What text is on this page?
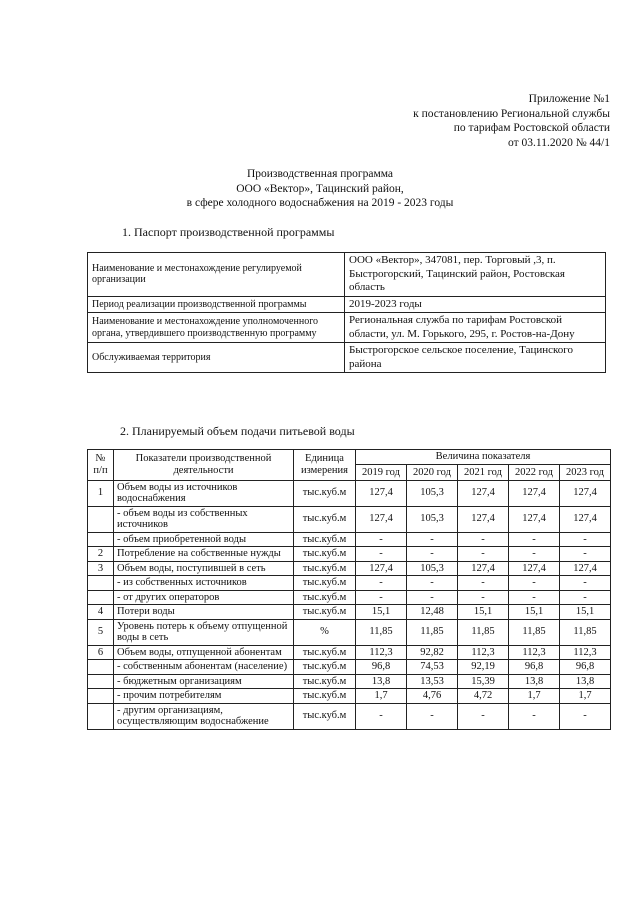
Приложение №1
к постановлению Региональной службы
по тарифам Ростовской области
от 03.11.2020 № 44/1
Производственная программа
ООО «Вектор», Тацинский район,
в сфере холодного водоснабжения на 2019 - 2023 годы
1. Паспорт производственной программы
Наименование и местонахождение регулируемой организации	ООО «Вектор», 347081, пер. Торговый ,3, п. Быстрогорский, Тацинский район, Ростовская область
Период реализации производственной программы	2019-2023 годы
Наименование и местонахождение уполномоченного органа, утвердившего производственную программу	Региональная служба по тарифам Ростовской области, ул. М. Горького, 295, г. Ростов-на-Дону
Обслуживаемая территория	Быстрогорское сельское поселение, Тацинского района
2. Планируемый объем подачи питьевой воды
№ п/п	Показатели производственной деятельности	Единица измерения	Величина показателя				
			2019 год	2020 год	2021 год	2022 год	2023 год
1	Объем воды из источников водоснабжения	тыс.куб.м	127,4	105,3	127,4	127,4	127,4
	- объем воды из собственных источников	тыс.куб.м	127,4	105,3	127,4	127,4	127,4
	- объем приобретенной воды	тыс.куб.м	-	-	-	-	-
2	Потребление на собственные нужды	тыс.куб.м	-	-	-	-	-
3	Объем воды, поступившей в сеть	тыс.куб.м	127,4	105,3	127,4	127,4	127,4
	- из собственных источников	тыс.куб.м	-	-	-	-	-
	- от других операторов	тыс.куб.м	-	-	-	-	-
4	Потери воды	тыс.куб.м	15,1	12,48	15,1	15,1	15,1
5	Уровень потерь к объему отпущенной воды в сеть	%	11,85	11,85	11,85	11,85	11,85
6	Объем воды, отпущенной абонентам	тыс.куб.м	112,3	92,82	112,3	112,3	112,3
	- собственным абонентам (население)	тыс.куб.м	96,8	74,53	92,19	96,8	96,8
	- бюджетным организациям	тыс.куб.м	13,8	13,53	15,39	13,8	13,8
	- прочим потребителям	тыс.куб.м	1,7	4,76	4,72	1,7	1,7
	- другим организациям, осуществляющим водоснабжение	тыс.куб.м	-	-	-	-	-
